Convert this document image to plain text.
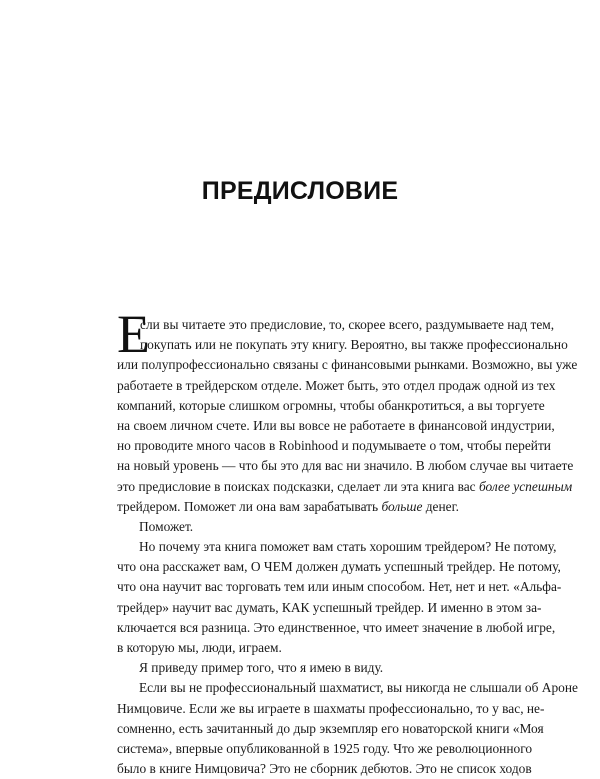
ПРЕДИСЛОВИЕ
Е
сли вы читаете это предисловие, то, скорее всего, раздумываете над тем,
покупать или не покупать эту книгу. Вероятно, вы также профессионально
или полупрофессионально связаны с финансовыми рынками. Возможно, вы уже
работаете в трейдерском отделе. Может быть, это отдел продаж одной из тех
компаний, которые слишком огромны, чтобы обанкротиться, а вы торгуете
на своем личном счете. Или вы вовсе не работаете в финансовой индустрии,
но проводите много часов в Robinhood и подумываете о том, чтобы перейти
на новый уровень — что бы это для вас ни значило. В любом случае вы читаете
это предисловие в поисках подсказки, сделает ли эта книга вас более успешным
трейдером. Поможет ли она вам зарабатывать больше денег.
Поможет.
Но почему эта книга поможет вам стать хорошим трейдером? Не потому,
что она расскажет вам, О ЧЕМ должен думать успешный трейдер. Не потому,
что она научит вас торговать тем или иным способом. Нет, нет и нет. «Альфа-
трейдер» научит вас думать, КАК успешный трейдер. И именно в этом за-
ключается вся разница. Это единственное, что имеет значение в любой игре,
в которую мы, люди, играем.
Я приведу пример того, что я имею в виду.
Если вы не профессиональный шахматист, вы никогда не слышали об Ароне
Нимцовиче. Если же вы играете в шахматы профессионально, то у вас, не-
сомненно, есть зачитанный до дыр экземпляр его новаторской книги «Моя
система», впервые опубликованной в 1925 году. Что же революционного
было в книге Нимцовича? Это не сборник дебютов. Это не список ходов
